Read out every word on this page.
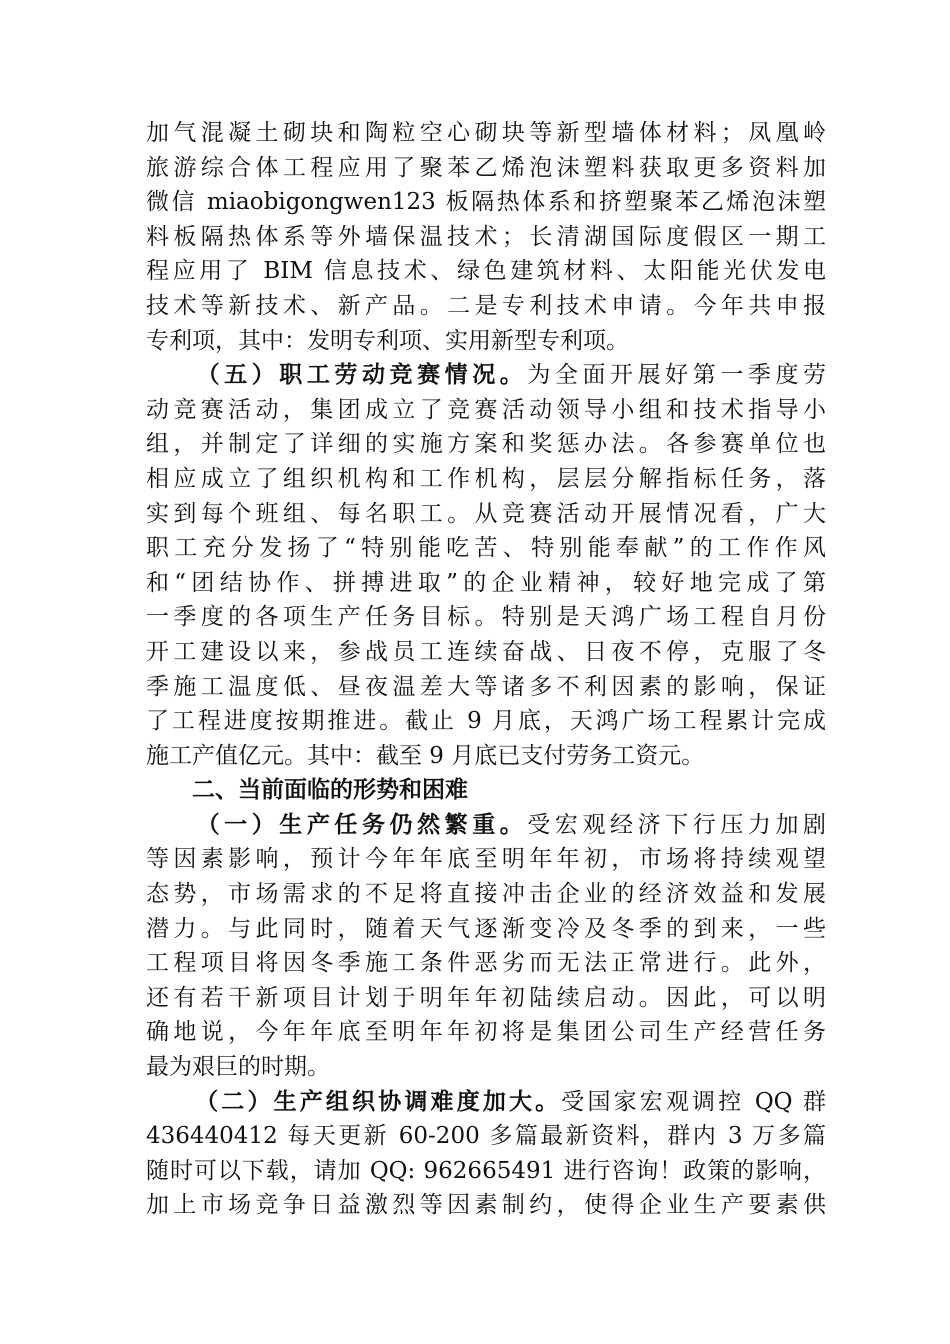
加气混凝土砌块和陶粒空心砌块等新型墙体材料；凤凰岭
旅游综合体工程应用了聚苯乙烯泡沫塑料获取更多资料加
微信 miaobigongwen123 板隔热体系和挤塑聚苯乙烯泡沫塑
料板隔热体系等外墙保温技术；长清湖国际度假区一期工
程应用了 BIM 信息技术、绿色建筑材料、太阳能光伏发电
技术等新技术、新产品。二是专利技术申请。今年共申报
专利项，其中：发明专利项、实用新型专利项。
（五）职工劳动竞赛情况。为全面开展好第一季度劳
动竞赛活动，集团成立了竞赛活动领导小组和技术指导小
组，并制定了详细的实施方案和奖惩办法。各参赛单位也
相应成立了组织机构和工作机构，层层分解指标任务，落
实到每个班组、每名职工。从竞赛活动开展情况看，广大
职工充分发扬了“特别能吃苦、特别能奉献”的工作作风
和“团结协作、拼搏进取”的企业精神，较好地完成了第
一季度的各项生产任务目标。特别是天鸿广场工程自月份
开工建设以来，参战员工连续奋战、日夜不停，克服了冬
季施工温度低、昼夜温差大等诸多不利因素的影响，保证
了工程进度按期推进。截止 9 月底，天鸿广场工程累计完成
施工产值亿元。其中：截至 9 月底已支付劳务工资元。
二、当前面临的形势和困难
（一）生产任务仍然繁重。受宏观经济下行压力加剧
等因素影响，预计今年年底至明年年初，市场将持续观望
态势，市场需求的不足将直接冲击企业的经济效益和发展
潜力。与此同时，随着天气逐渐变冷及冬季的到来，一些
工程项目将因冬季施工条件恶劣而无法正常进行。此外，
还有若干新项目计划于明年年初陆续启动。因此，可以明
确地说，今年年底至明年年初将是集团公司生产经营任务
最为艰巨的时期。
（二）生产组织协调难度加大。受国家宏观调控 QQ 群
436440412 每天更新 60-200 多篇最新资料，群内 3 万多篇
随时可以下载，请加 QQ: 962665491 进行咨询！政策的影响，
加上市场竞争日益激烈等因素制约，使得企业生产要素供
